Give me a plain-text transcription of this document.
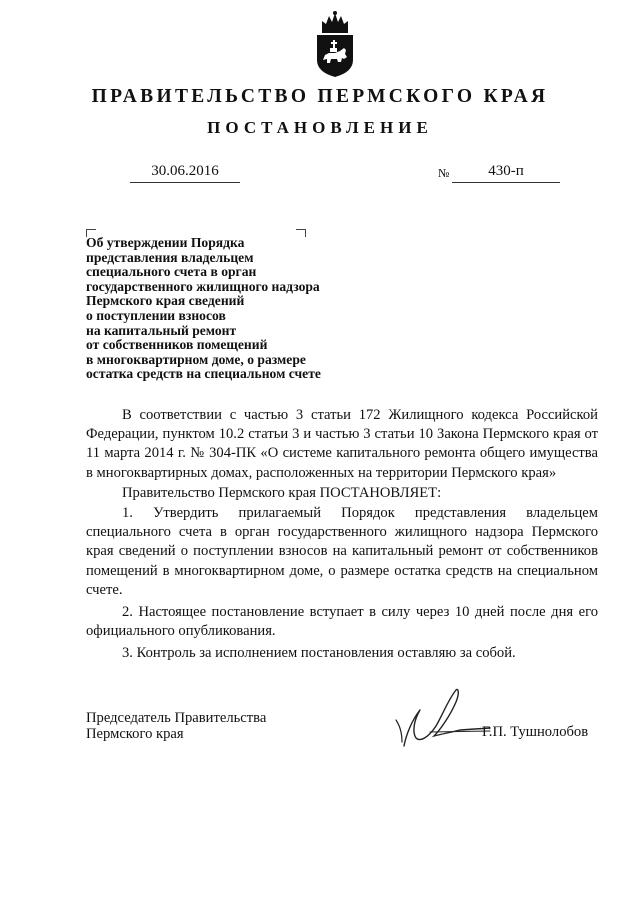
ПРАВИТЕЛЬСТВО ПЕРМСКОГО КРАЯ
ПОСТАНОВЛЕНИЕ
30.06.2016	№	430-п
Об утверждении Порядка
представления владельцем
специального счета в орган
государственного жилищного надзора
Пермского края сведений
о поступлении взносов
на капитальный ремонт
от собственников помещений
в многоквартирном доме, о размере
остатка средств на специальном счете

В соответствии с частью 3 статьи 172 Жилищного кодекса Российской Федерации, пунктом 10.2 статьи 3 и частью 3 статьи 10 Закона Пермского края от 11 марта 2014 г. № 304-ПК «О системе капитального ремонта общего имущества в многоквартирных домах, расположенных на территории Пермского края»

Правительство Пермского края ПОСТАНОВЛЯЕТ:

1. Утвердить прилагаемый Порядок представления владельцем специального счета в орган государственного жилищного надзора Пермского края сведений о поступлении взносов на капитальный ремонт от собственников помещений в многоквартирном доме, о размере остатка средств на специальном счете.

2. Настоящее постановление вступает в силу через 10 дней после дня его официального опубликования.

3. Контроль за исполнением постановления оставляю за собой.

Председатель Правительства
Пермского края	Г.П. Тушнолобов
